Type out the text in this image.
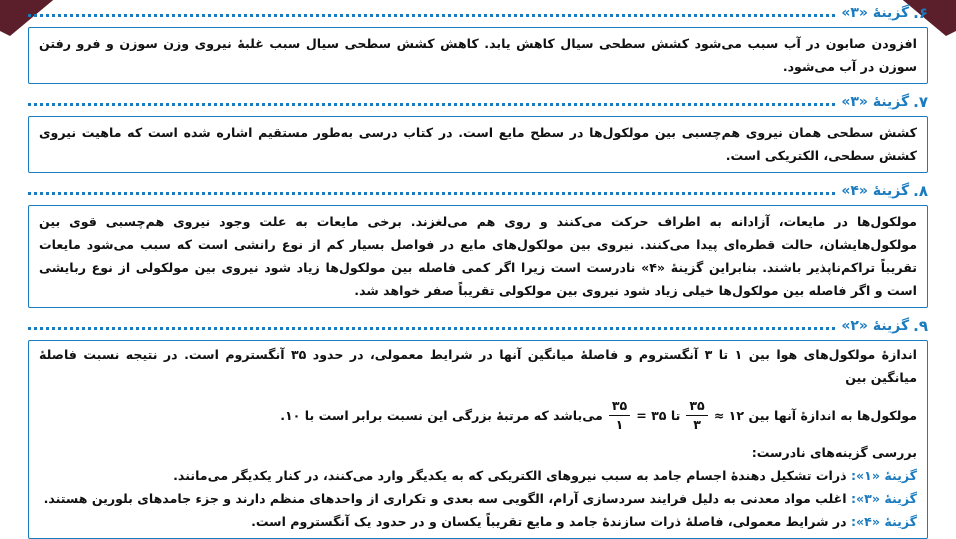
۶.
گزینهٔ «۳»

افزودن صابون در آب سبب می‌شود کشش سطحی سیال کاهش یابد. کاهش کشش سطحی سیال سبب غلبهٔ نیروی وزن سوزن و فرو رفتن سوزن در آب می‌شود.

۷.
گزینهٔ «۳»

کشش سطحی همان نیروی هم‌چسبی بین مولکول‌ها در سطح مایع است. در کتاب درسی به‌طور مستقیم اشاره شده است که ماهیت نیروی کشش سطحی، الکتریکی است.

۸.
گزینهٔ «۴»

مولکول‌ها در مایعات، آزادانه به اطراف حرکت می‌کنند و روی هم می‌لغزند. برخی مایعات به علت وجود نیروی هم‌چسبی قوی بین مولکول‌هایشان، حالت قطره‌ای پیدا می‌کنند. نیروی بین مولکول‌های مایع در فواصل بسیار کم از نوع رانشی است که سبب می‌شود مایعات تقریباً تراکم‌ناپذیر باشند. بنابراین گزینهٔ «۴» نادرست است زیرا اگر کمی فاصله بین مولکول‌ها زیاد شود نیروی بین مولکولی از نوع ربایشی است و اگر فاصله بین مولکول‌ها خیلی زیاد شود نیروی بین مولکولی تقریباً صفر خواهد شد.

۹.
گزینهٔ «۲»

اندازهٔ مولکول‌های هوا بین ۱ تا ۳ آنگستروم و فاصلهٔ میانگین آنها در شرایط معمولی، در حدود ۳۵ آنگستروم است. در نتیجه نسبت فاصلهٔ میانگین بین

مولکول‌ها به اندازهٔ آنها بین

۱۲ ≈
$\frac{۳۵}{۳}$
تا

۳۵ =
$\frac{۳۵}{۱}$
می‌باشد که مرتبهٔ بزرگی این نسبت برابر است با ۱۰.

بررسی گزینه‌های نادرست:

گزینهٔ «۱»: ذرات تشکیل دهندهٔ اجسام جامد به سبب نیروهای الکتریکی که به یکدیگر وارد می‌کنند، در کنار یکدیگر می‌مانند.

گزینهٔ «۳»: اغلب مواد معدنی به دلیل فرایند سردسازی آرام، الگویی سه بعدی و تکراری از واحدهای منظم دارند و جزء جامدهای بلورین هستند.

گزینهٔ «۴»: در شرایط معمولی، فاصلهٔ ذرات سازندهٔ جامد و مایع تقریباً یکسان و در حدود یک آنگستروم است.
